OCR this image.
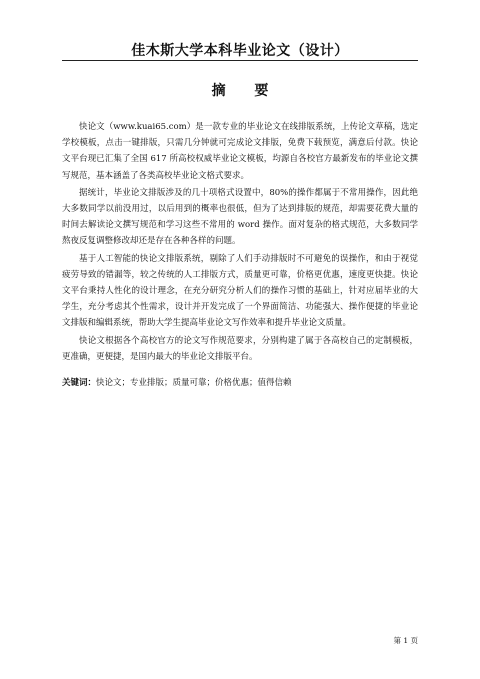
佳木斯大学本科毕业论文（设计）
摘 要

快论文（www.kuai65.com）是一款专业的毕业论文在线排版系统，上传论文草稿，选定学校模板，点击一键排版，只需几分钟就可完成论文排版，免费下载预览，满意后付款。快论文平台现已汇集了全国 617 所高校权威毕业论文模板，均源自各校官方最新发布的毕业论文撰写规范，基本涵盖了各类高校毕业论文格式要求。

据统计，毕业论文排版涉及的几十项格式设置中，80%的操作都属于不常用操作，因此绝大多数同学以前没用过，以后用到的概率也很低，但为了达到排版的规范，却需要花费大量的时间去解读论文撰写规范和学习这些不常用的 word 操作。面对复杂的格式规范，大多数同学熬夜反复调整修改却还是存在各种各样的问题。

基于人工智能的快论文排版系统，剔除了人们手动排版时不可避免的误操作，和由于视觉疲劳导致的错漏等，较之传统的人工排版方式，质量更可靠，价格更优惠，速度更快捷。快论文平台秉持人性化的设计理念，在充分研究分析人们的操作习惯的基础上，针对应届毕业的大学生，充分考虑其个性需求，设计并开发完成了一个界面简洁、功能强大、操作便捷的毕业论文排版和编辑系统，帮助大学生提高毕业论文写作效率和提升毕业论文质量。

快论文根据各个高校官方的论文写作规范要求，分别构建了属于各高校自己的定制模板，更准确，更便捷，是国内最大的毕业论文排版平台。

关键词：快论文；专业排版；质量可靠；价格优惠；值得信赖

第 1 页
